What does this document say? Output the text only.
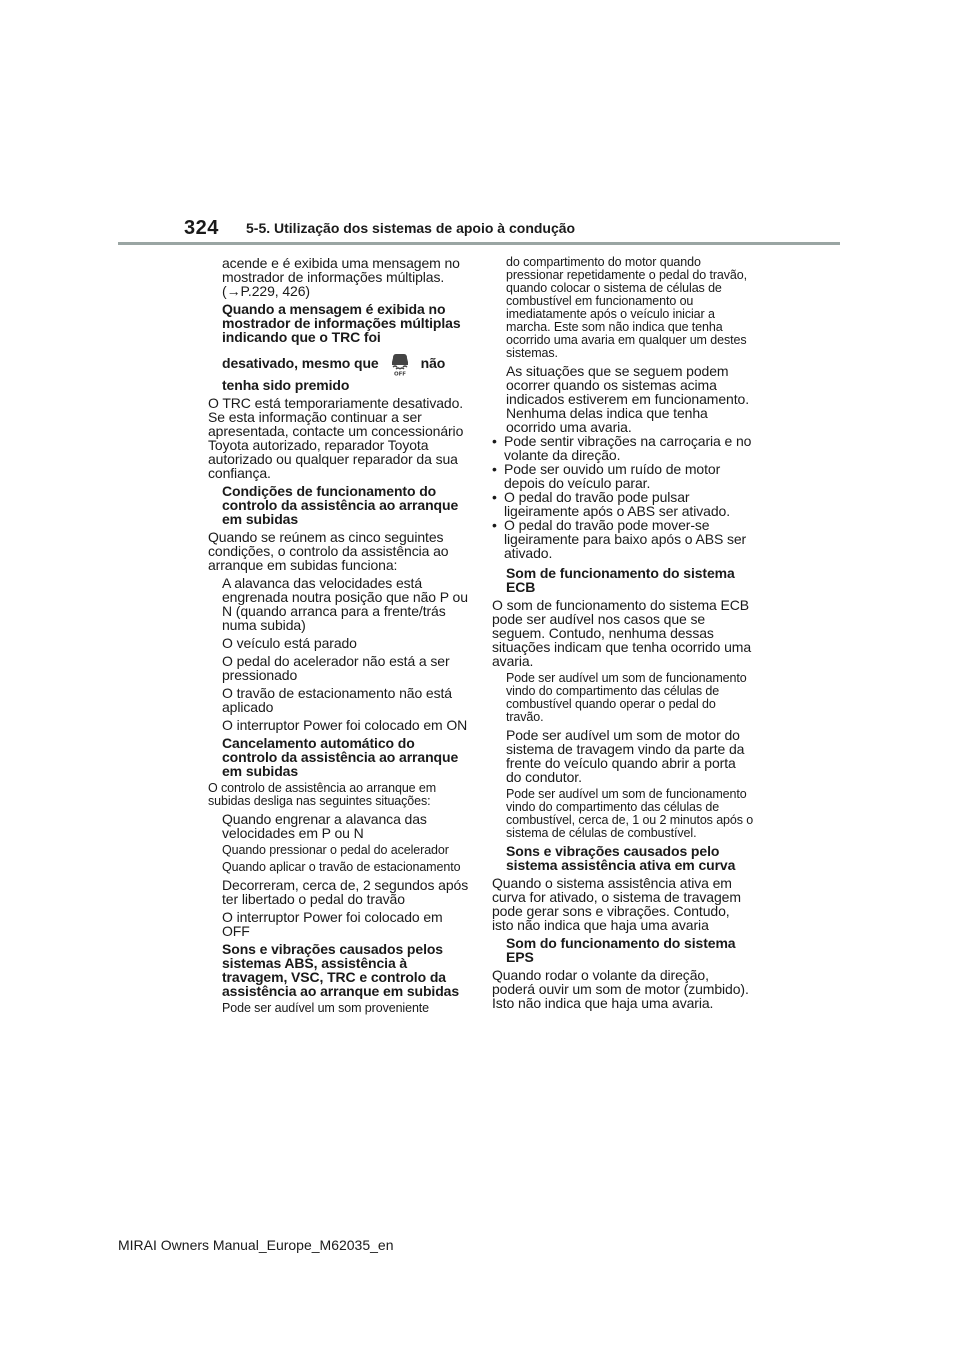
324 5-5. Utilização dos sistemas de apoio à condução

acende e é exibida uma mensagem no mostrador de informações múltiplas. (→P.229, 426)

Quando a mensagem é exibida no mostrador de informações múltiplas indicando que o TRC foi
desativado, mesmo que
OFF
não
tenha sido premido

O TRC está temporariamente desativado. Se esta informação continuar a ser apresentada, contacte um concessionário Toyota autorizado, reparador Toyota autorizado ou qualquer reparador da sua confiança.

Condições de funcionamento do controlo da assistência ao arranque em subidas

Quando se reúnem as cinco seguintes condições, o controlo da assistência ao arranque em subidas funciona:

A alavanca das velocidades está engrenada noutra posição que não P ou N (quando arranca para a frente/trás numa subida)

O veículo está parado

O pedal do acelerador não está a ser pressionado

O travão de estacionamento não está aplicado

O interruptor Power foi colocado em ON

Cancelamento automático do controlo da assistência ao arranque em subidas

O controlo de assistência ao arranque em subidas desliga nas seguintes situações:

Quando engrenar a alavanca das velocidades em P ou N

Quando pressionar o pedal do acelerador

Quando aplicar o travão de estacionamento

Decorreram, cerca de, 2 segundos após ter libertado o pedal do travão

O interruptor Power foi colocado em OFF

Sons e vibrações causados pelos sistemas ABS, assistência à travagem, VSC, TRC e controlo da assistência ao arranque em subidas

Pode ser audível um som proveniente

do compartimento do motor quando pressionar repetidamente o pedal do travão, quando colocar o sistema de células de combustível em funcionamento ou imediatamente após o veículo iniciar a marcha. Este som não indica que tenha ocorrido uma avaria em qualquer um destes sistemas.

As situações que se seguem podem ocorrer quando os sistemas acima indicados estiverem em funcionamento. Nenhuma delas indica que tenha ocorrido uma avaria.

• Pode sentir vibrações na carroçaria e no volante da direção.
• Pode ser ouvido um ruído de motor depois do veículo parar.
• O pedal do travão pode pulsar ligeiramente após o ABS ser ativado.
• O pedal do travão pode mover-se ligeiramente para baixo após o ABS ser ativado.

Som de funcionamento do sistema ECB

O som de funcionamento do sistema ECB pode ser audível nos casos que se seguem. Contudo, nenhuma dessas situações indicam que tenha ocorrido uma avaria.

Pode ser audível um som de funcionamento vindo do compartimento das células de combustível quando operar o pedal do travão.

Pode ser audível um som de motor do sistema de travagem vindo da parte da frente do veículo quando abrir a porta do condutor.

Pode ser audível um som de funcionamento vindo do compartimento das células de combustível, cerca de, 1 ou 2 minutos após o sistema de células de combustível.

Sons e vibrações causados pelo sistema assistência ativa em curva

Quando o sistema assistência ativa em curva for ativado, o sistema de travagem pode gerar sons e vibrações. Contudo, isto não indica que haja uma avaria

Som do funcionamento do sistema EPS

Quando rodar o volante da direção, poderá ouvir um som de motor (zumbido). Isto não indica que haja uma avaria.

MIRAI Owners Manual_Europe_M62035_en
